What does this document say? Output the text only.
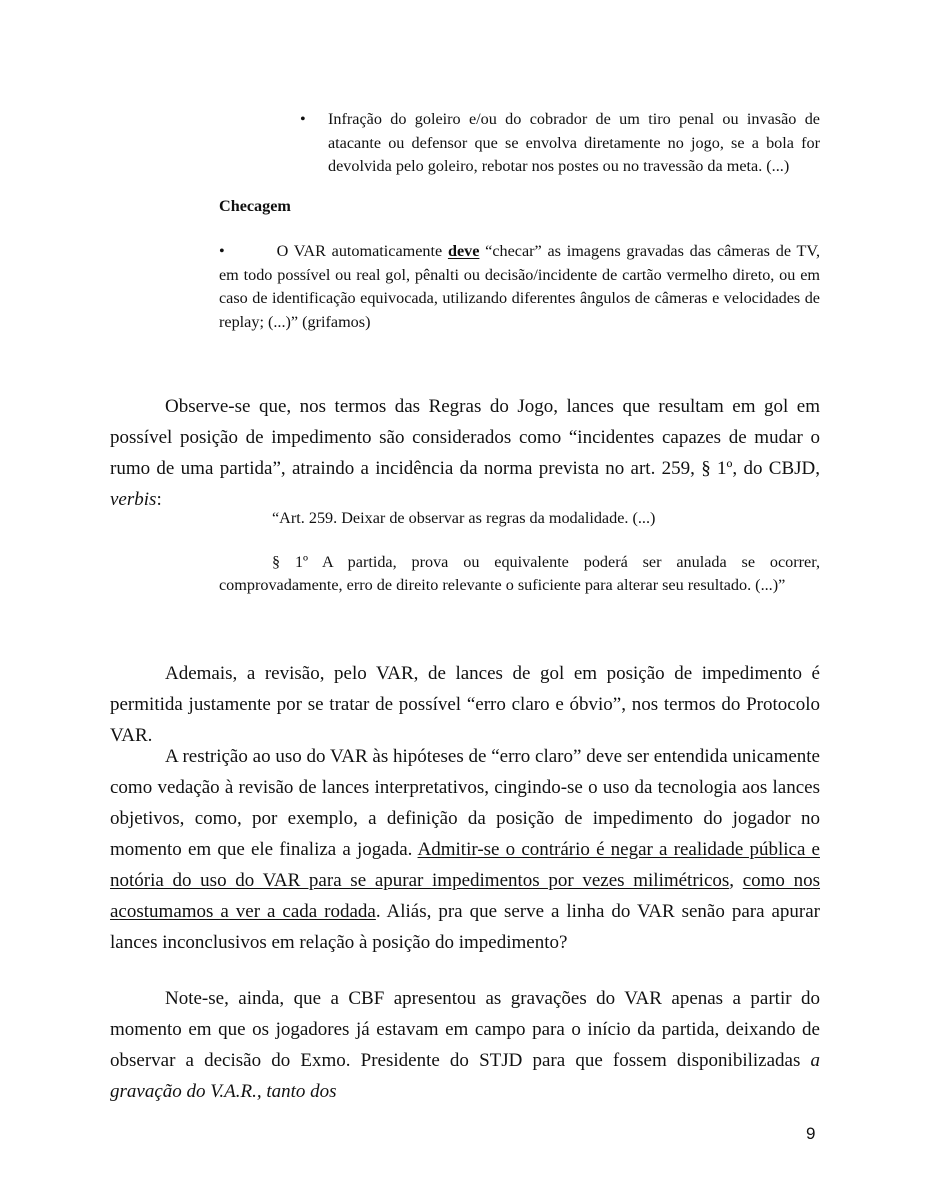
•	Infração do goleiro e/ou do cobrador de um tiro penal ou invasão de atacante ou defensor que se envolva diretamente no jogo, se a bola for devolvida pelo goleiro, rebotar nos postes ou no travessão da meta. (...)
Checagem
•	O VAR automaticamente deve “checar” as imagens gravadas das câmeras de TV, em todo possível ou real gol, pênalti ou decisão/incidente de cartão vermelho direto, ou em caso de identificação equivocada, utilizando diferentes ângulos de câmeras e velocidades de replay; (...)” (grifamos)
Observe-se que, nos termos das Regras do Jogo, lances que resultam em gol em possível posição de impedimento são considerados como “incidentes capazes de mudar o rumo de uma partida”, atraindo a incidência da norma prevista no art. 259, § 1º, do CBJD, verbis:

“Art. 259. Deixar de observar as regras da modalidade. (...)

§ 1º A partida, prova ou equivalente poderá ser anulada se ocorrer, comprovadamente, erro de direito relevante o suficiente para alterar seu resultado. (...)”

Ademais, a revisão, pelo VAR, de lances de gol em posição de impedimento é permitida justamente por se tratar de possível “erro claro e óbvio”, nos termos do Protocolo VAR.
A restrição ao uso do VAR às hipóteses de “erro claro” deve ser entendida unicamente como vedação à revisão de lances interpretativos, cingindo-se o uso da tecnologia aos lances objetivos, como, por exemplo, a definição da posição de impedimento do jogador no momento em que ele finaliza a jogada. Admitir-se o contrário é negar a realidade pública e notória do uso do VAR para se apurar impedimentos por vezes milimétricos, como nos acostumamos a ver a cada rodada. Aliás, pra que serve a linha do VAR senão para apurar lances inconclusivos em relação à posição do impedimento?
Note-se, ainda, que a CBF apresentou as gravações do VAR apenas a partir do momento em que os jogadores já estavam em campo para o início da partida, deixando de observar a decisão do Exmo. Presidente do STJD para que fossem disponibilizadas a gravação do V.A.R., tanto dos
9
